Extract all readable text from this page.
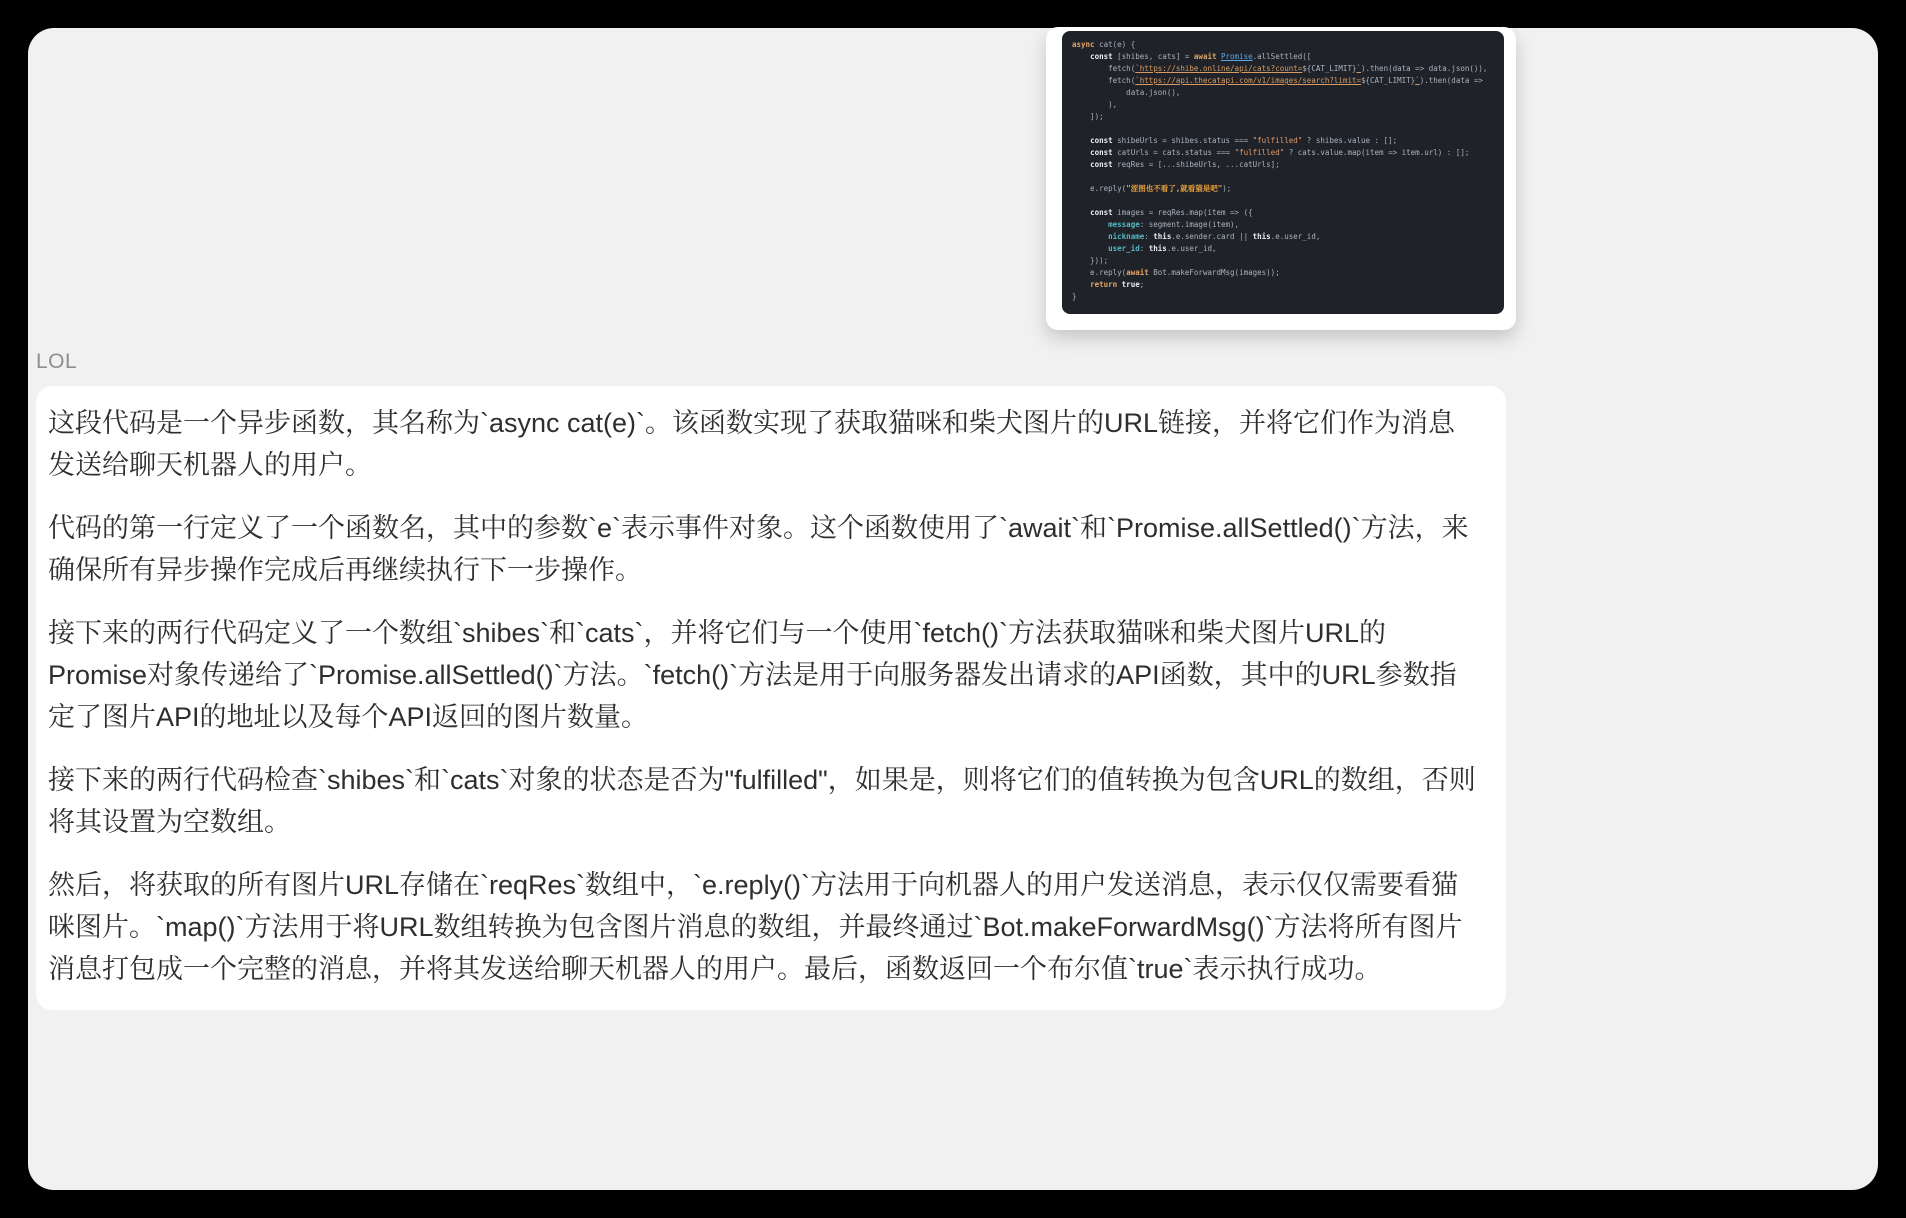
async cat(e) {
const [shibes, cats] = await Promise.allSettled([
fetch(`https://shibe.online/api/cats?count=${CAT_LIMIT}`).then(data => data.json()),
fetch(`https://api.thecatapi.com/v1/images/search?limit=${CAT_LIMIT}`).then(data =>
data.json(),
),
]);

const shibeUrls = shibes.status === "fulfilled" ? shibes.value : [];
const catUrls = cats.status === "fulfilled" ? cats.value.map(item => item.url) : [];
const reqRes = [...shibeUrls, ...catUrls];

e.reply("涩图也不看了,就看猫是吧");

const images = reqRes.map(item => ({
message: segment.image(item),
nickname: this.e.sender.card || this.e.user_id,
user_id: this.e.user_id,
}));
e.reply(await Bot.makeForwardMsg(images));
return true;
}
LOL

这段代码是一个异步函数，其名称为`async cat(e)`。该函数实现了获取猫咪和柴犬图片的URL链接，并将它们作为消息发送给聊天机器人的用户。

代码的第一行定义了一个函数名，其中的参数`e`表示事件对象。这个函数使用了`await`和`Promise.allSettled()`方法，来确保所有异步操作完成后再继续执行下一步操作。

接下来的两行代码定义了一个数组`shibes`和`cats`，并将它们与一个使用`fetch()`方法获取猫咪和柴犬图片URL的Promise对象传递给了`Promise.allSettled()`方法。`fetch()`方法是用于向服务器发出请求的API函数，其中的URL参数指定了图片API的地址以及每个API返回的图片数量。

接下来的两行代码检查`shibes`和`cats`对象的状态是否为"fulfilled"，如果是，则将它们的值转换为包含URL的数组，否则将其设置为空数组。

然后，将获取的所有图片URL存储在`reqRes`数组中，`e.reply()`方法用于向机器人的用户发送消息，表示仅仅需要看猫咪图片。`map()`方法用于将URL数组转换为包含图片消息的数组，并最终通过`Bot.makeForwardMsg()`方法将所有图片消息打包成一个完整的消息，并将其发送给聊天机器人的用户。最后，函数返回一个布尔值`true`表示执行成功。
